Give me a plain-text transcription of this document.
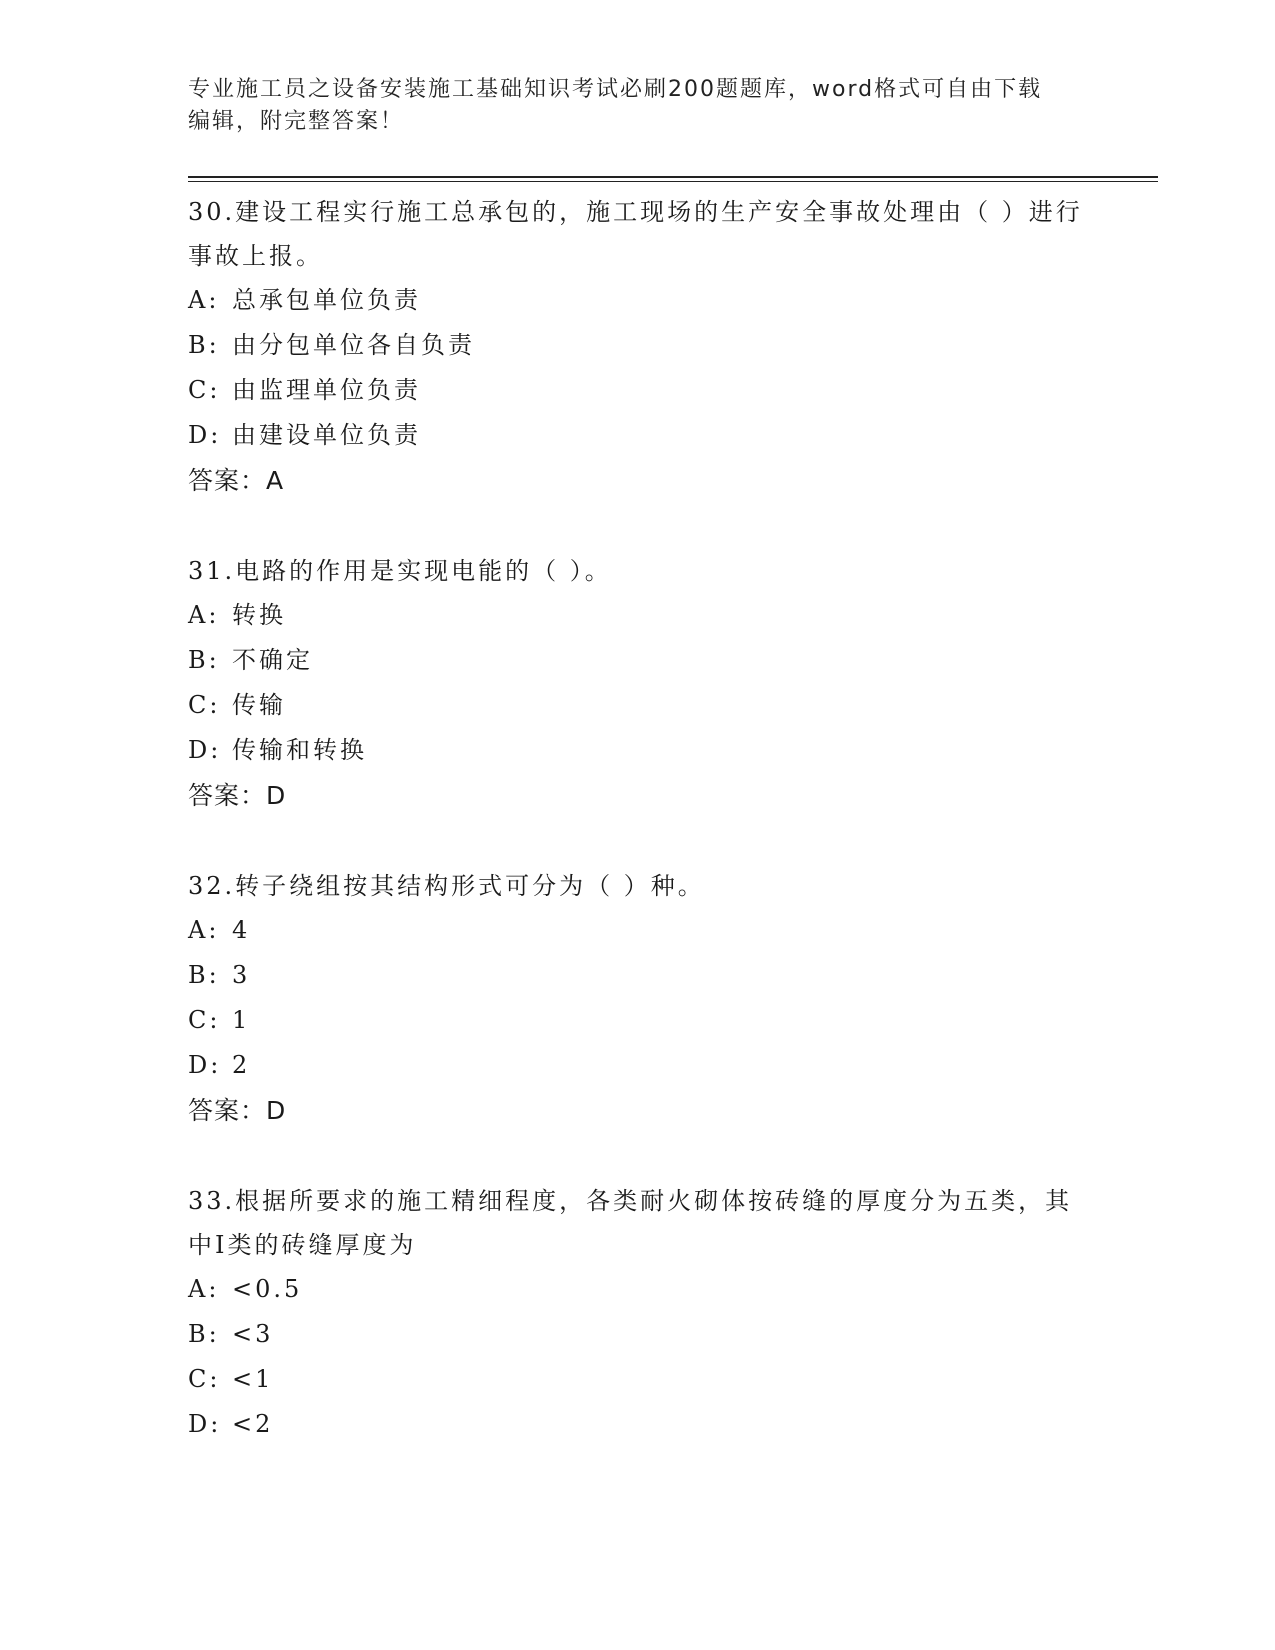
专业施工员之设备安装施工基础知识考试必刷200题题库，word格式可自由下载
编辑，附完整答案！

30.建设工程实行施工总承包的，施工现场的生产安全事故处理由（ ）进行事故上报。

A: 总承包单位负责
B: 由分包单位各自负责
C: 由监理单位负责
D: 由建设单位负责
答案：A

31.电路的作用是实现电能的（ ）。

A: 转换
B: 不确定
C: 传输
D: 传输和转换
答案：D

32.转子绕组按其结构形式可分为（ ）种。

A: 4
B: 3
C: 1
D: 2
答案：D

33.根据所要求的施工精细程度，各类耐火砌体按砖缝的厚度分为五类，其中Ⅰ类的砖缝厚度为

A: <0.5
B: <3
C: <1
D: <2
